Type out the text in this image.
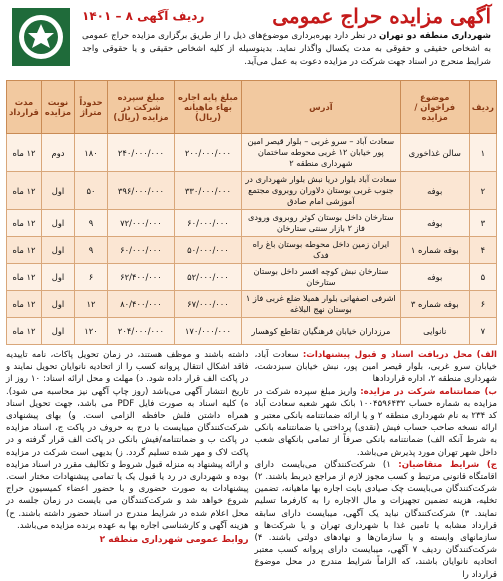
آگهی مزایده حراج عمومی
ردیف آگهی ۸ – ۱۴۰۱
شهرداری منطقه دو تهران در نظر دارد بهره‌برداری موضوع‌های ذیل را از طریق برگزاری مزایده حراج عمومی به اشخاص حقیقی و حقوقی به مدت یکسال واگذار نماید. بدینوسیله از کلیه اشخاص حقیقی و یا حقوقی واجد شرایط منحرج در اسناد جهت شرکت در مزایده دعوت به عمل می‌آید.
ردیف	موضوع فراخوان / مزایده	آدرس	مبلغ پایه اجاره بهاء ماهیانه (ریال)	مبلغ سپرده شرکت در مزایده (ریال)	حدوداً متراژ	نوبت مزایده	مدت قرارداد
۱	سالن غذاخوری	سعادت آباد – سرو غربی – بلوار قیصر امین پور خیابان ۱۲ غربی محوطه ساختمان شهرداری منطقه ۲	۲۰۰/۰۰۰/۰۰۰	۲۴۰/۰۰۰/۰۰۰	۱۸۰	دوم	۱۲ ماه
۲	بوفه	سعادت آباد بلوار دریا نبش بلوار شهرداری در جنوب غربی بوستان دلاوران روبروی مجتمع آموزشی امام صادق	۳۳۰/۰۰۰/۰۰۰	۳۹۶/۰۰۰/۰۰۰	۵۰	اول	۱۲ ماه
۳	بوفه	ستارخان داخل بوستان کوثر روبروی ورودی فاز ۲ بازار سنتی ستارخان	۶۰/۰۰۰/۰۰۰	۷۲/۰۰۰/۰۰۰	۹	اول	۱۲ ماه
۴	بوفه شماره ۱	ایران زمین داخل محوطه بوستان باغ راه فدک	۵۰/۰۰۰/۰۰۰	۶۰/۰۰۰/۰۰۰	۹	اول	۱۲ ماه
۵	بوفه	ستارخان نبش کوچه افسر داخل بوستان ستارخان	۵۲/۰۰۰/۰۰۰	۶۲/۴۰۰/۰۰۰	۶	اول	۱۲ ماه
۶	بوفه شماره ۳	اشرفی اصفهانی بلوار همیلا ضلع غربی فاز ۱ بوستان نهج البلاغه	۶۷/۰۰۰/۰۰۰	۸۰/۴۰۰/۰۰۰	۱۲	اول	۱۲ ماه
۷	نانوایی	مرزداران خیابان فرهنگیان تقاطع کوهسار	۱۷۰/۰۰۰/۰۰۰	۲۰۴/۰۰۰/۰۰۰	۱۲۰	اول	۱۲ ماه
الف) محل دریافت اسناد و قبول پیشنهادات: سعادت آباد، خیابان سرو غربی، بلوار قیصر امین پور، نبش خیابان سبزدشت، شهرداری منطقه ۲، اداره قراردادها
ب) ضمانتنامه شرکت در مزایده: واریز مبلغ سپرده شرکت در مزایده به شماره حساب ۱۰۰۴۵۹۶۴۳۲ بانک شهر شعبه سعادت آباد کد ۲۳۴ به نام شهرداری منطقه ۲ و یا ارائه ضمانتنامه بانکی معتبر و ارائه نسخه صاحب حساب فیش (نقدی) پرداختی یا ضمانتنامه بانکی به شرط آنکه الف) ضمانتنامه بانکی صرفاً از تمامی بانکهای شعب داخل شهر تهران مورد پذیرش می‌باشد.
ج) شرایط متقاضیان: ۱) شرکت‌کنندگان می‌بایست دارای اقامتگاه قانونی مرتبط و کسب مجوز لازم از مراجع ذیربط باشند. ۲) شرکت‌کنندگان می‌بایست چک صیادی بابت اجاره بها ماهیانه، تضمین تخلیه، هزینه تضمین تجهیزات و مال الاجاره را به کارفرما تسلیم نمایند. ۳) شرکت‌کنندگان نباید یک آگهی، میبایست دارای سابقه قرارداد مشابه یا تامین غذا با شهرداری تهران و یا شرکت‌ها و سازمانهای وابسته و یا سازمان‌ها و نهادهای دولتی باشند. ۴) شرکت‌کنندگان ردیف ۷ آگهی، میبایست دارای پروانه کسب معتبر اتحادیه نانوایان باشند، که الزاماً شرایط مندرج در محل موضوع قرارداد را
داشته باشند و موظف هستند، در زمان تحویل پاکات، نامه تاییدیه فاقد اشکال انتقال پروانه کسب را از اتحادیه نانوایان تحویل نمایند و در پاکت الف قرار داده شود. د) مهلت و محل ارائه اسناد: ۱۰ روز از تاریخ انتشار آگهی می‌باشد (روز چاپ آگهی نیز محاسبه می شود). ه) کلیه اسناد به صورت فایل PDF می باشد، جهت تحویل اسناد همراه داشتن فلش حافظه الزامی است. و) بهای پیشنهادی شرکت‌کنندگان میبایست با درج به حروف در پاکت ج، اسناد مزایده در پاکت ب و ضمانتنامه/فیش بانکی در پاکت الف قرار گرفته و در پاکت لاک و مهر شده تسلیم گردد. ز) بدیهی است شرکت در مزایده و ارائه پیشنهاد به منزله قبول شروط و تکالیف مقرر در اسناد مزایده بوده و شهرداری در رد یا قبول یک یا تمامی پیشنهادات مختار است. پیشنهادات به صورت حضوری و با حضور اعضاء کمیسیون حراج شروع خواهد شد و شرکت‌کنندگان می بایست در زمان جلسه در محل اعلام شده در شرایط مندرج در اسناد حضور داشته باشند. ح) هزینه آگهی و کارشناسی اجاره بها به عهده برنده مزایده می‌باشد.
روابط عمومی شهرداری منطقه ۲
